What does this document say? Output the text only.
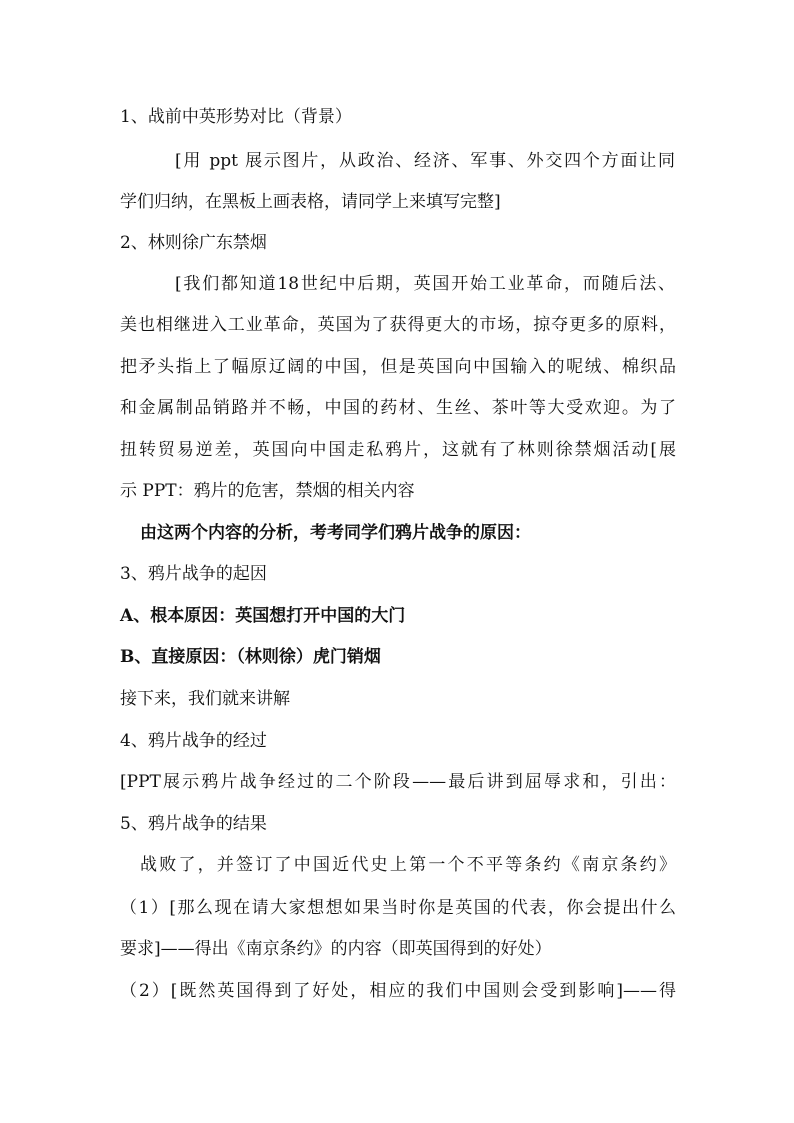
1、战前中英形势对比（背景）
[用 ppt 展示图片，从政治、经济、军事、外交四个方面让同
学们归纳，在黑板上画表格，请同学上来填写完整]
2、林则徐广东禁烟
[我们都知道18世纪中后期，英国开始工业革命，而随后法、
美也相继进入工业革命，英国为了获得更大的市场，掠夺更多的原料，
把矛头指上了幅原辽阔的中国，但是英国向中国输入的呢绒、棉织品
和金属制品销路并不畅，中国的药材、生丝、茶叶等大受欢迎。为了
扭转贸易逆差，英国向中国走私鸦片，这就有了林则徐禁烟活动[展
示 PPT：鸦片的危害，禁烟的相关内容
由这两个内容的分析，考考同学们鸦片战争的原因：
3、鸦片战争的起因
A、根本原因：英国想打开中国的大门
B、直接原因：（林则徐）虎门销烟
接下来，我们就来讲解
4、鸦片战争的经过
[PPT展示鸦片战争经过的二个阶段——最后讲到屈辱求和，引出：
5、鸦片战争的结果
战败了，并签订了中国近代史上第一个不平等条约《南京条约》
（1）[那么现在请大家想想如果当时你是英国的代表，你会提出什么
要求]——得出《南京条约》的内容（即英国得到的好处）
（2）[既然英国得到了好处，相应的我们中国则会受到影响]——得
